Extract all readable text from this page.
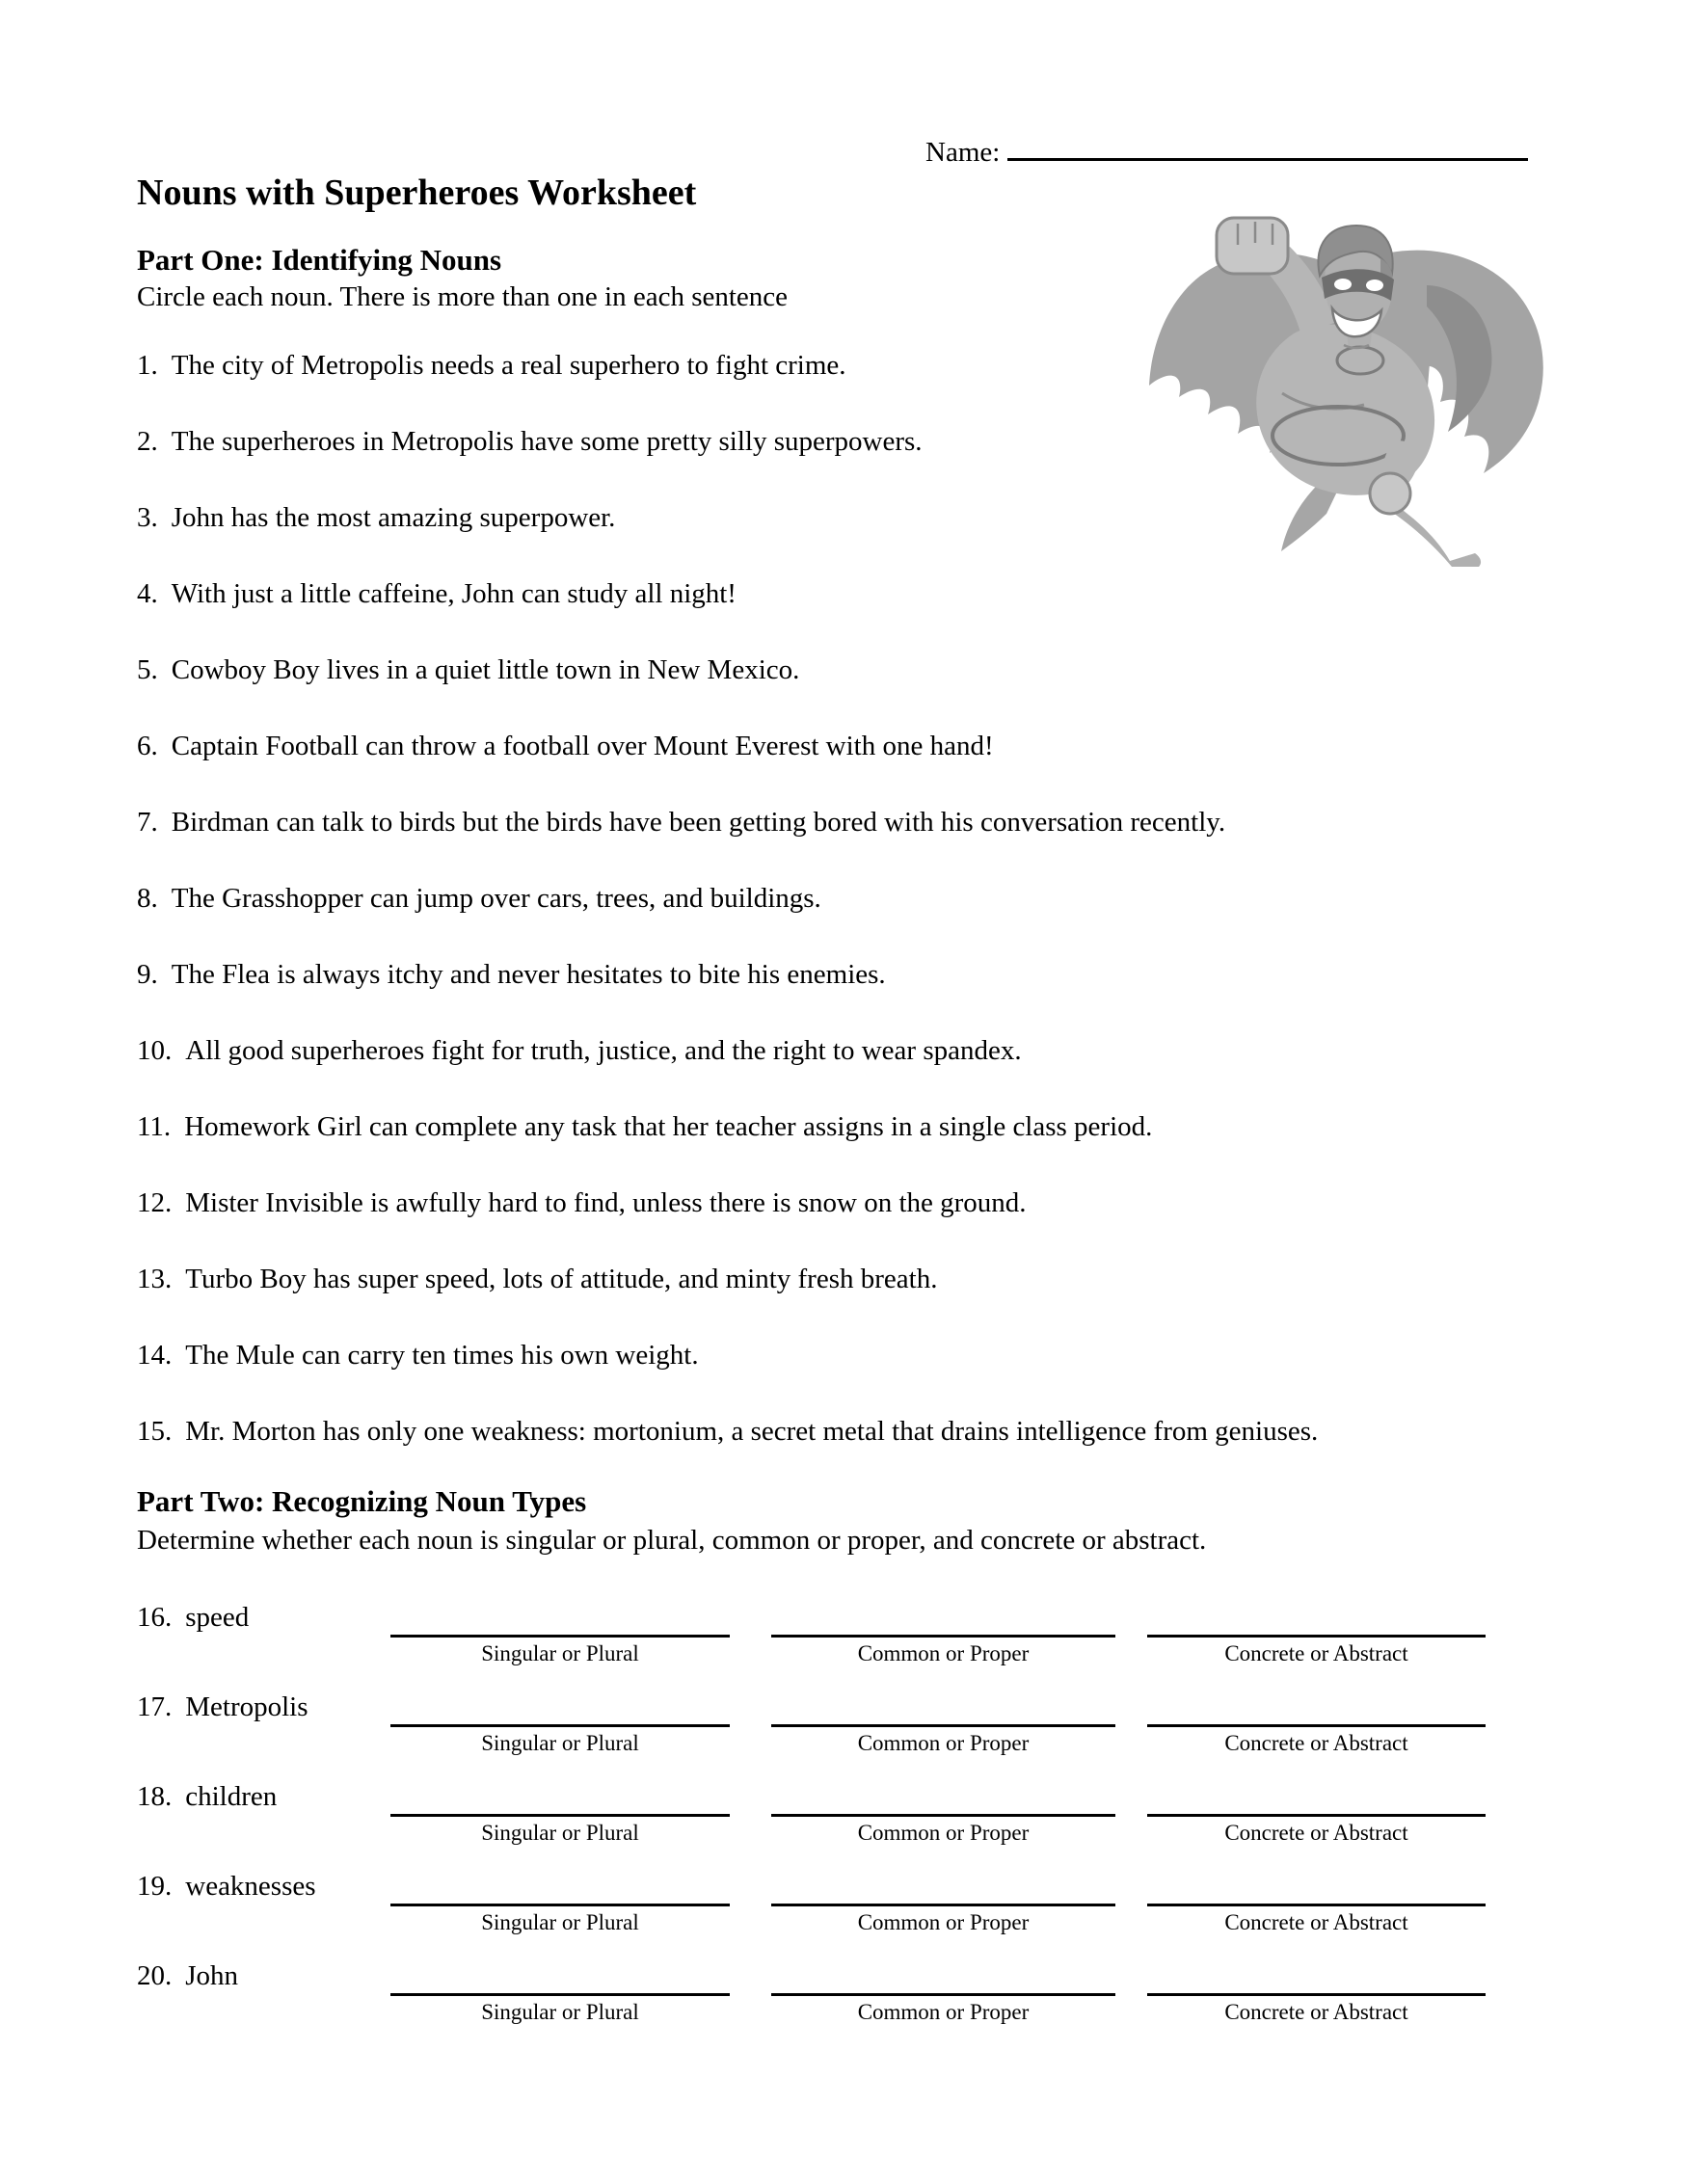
Name:
Nouns with Superheroes Worksheet
Part One: Identifying Nouns
Circle each noun. There is more than one in each sentence
1. The city of Metropolis needs a real superhero to fight crime.
2. The superheroes in Metropolis have some pretty silly superpowers.
3. John has the most amazing superpower.
4. With just a little caffeine, John can study all night!
5. Cowboy Boy lives in a quiet little town in New Mexico.
6. Captain Football can throw a football over Mount Everest with one hand!
7. Birdman can talk to birds but the birds have been getting bored with his conversation recently.
8. The Grasshopper can jump over cars, trees, and buildings.
9. The Flea is always itchy and never hesitates to bite his enemies.
10. All good superheroes fight for truth, justice, and the right to wear spandex.
11. Homework Girl can complete any task that her teacher assigns in a single class period.
12. Mister Invisible is awfully hard to find, unless there is snow on the ground.
13. Turbo Boy has super speed, lots of attitude, and minty fresh breath.
14. The Mule can carry ten times his own weight.
15. Mr. Morton has only one weakness: mortonium, a secret metal that drains intelligence from geniuses.
Part Two: Recognizing Noun Types
Determine whether each noun is singular or plural, common or proper, and concrete or abstract.
16. speed
Singular or Plural	Common or Proper	Concrete or Abstract
17. Metropolis
Singular or Plural	Common or Proper	Concrete or Abstract
18. children
Singular or Plural	Common or Proper	Concrete or Abstract
19. weaknesses
Singular or Plural	Common or Proper	Concrete or Abstract
20. John
Singular or Plural	Common or Proper	Concrete or Abstract
